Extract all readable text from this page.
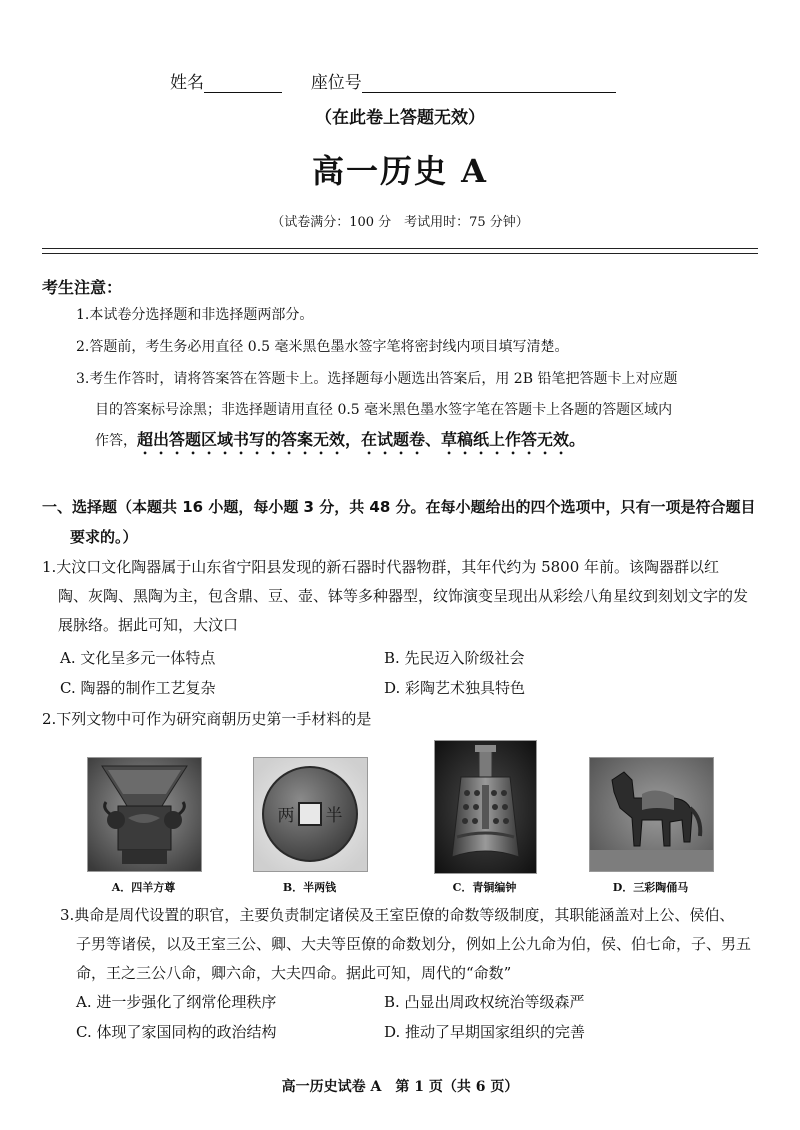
姓名	座位号
（在此卷上答题无效）
高一历史 A
（试卷满分：100 分　考试用时：75 分钟）
考生注意：
1.本试卷分选择题和非选择题两部分。
2.答题前，考生务必用直径 0.5 毫米黑色墨水签字笔将密封线内项目填写清楚。
3.考生作答时，请将答案答在答题卡上。选择题每小题选出答案后，用 2B 铅笔把答题卡上对应题
目的答案标号涂黑；非选择题请用直径 0.5 毫米黑色墨水签字笔在答题卡上各题的答题区域内
作答，超出答题区域书写的答案无效，在试题卷、草稿纸上作答无效。
一、选择题（本题共 16 小题，每小题 3 分，共 48 分。在每小题给出的四个选项中，只有一项是符合题目
要求的。）
1.大汶口文化陶器属于山东省宁阳县发现的新石器时代器物群，其年代约为 5800 年前。该陶器群以红
陶、灰陶、黑陶为主，包含鼎、豆、壶、钵等多种器型，纹饰演变呈现出从彩绘八角星纹到刻划文字的发
展脉络。据此可知，大汶口
A. 文化呈多元一体特点	B. 先民迈入阶级社会
C. 陶器的制作工艺复杂	D. 彩陶艺术独具特色
2.下列文物中可作为研究商朝历史第一手材料的是
A．四羊方尊
半
两
B．半两钱	C．青铜编钟	D．三彩陶俑马
3.典命是周代设置的职官，主要负责制定诸侯及王室臣僚的命数等级制度，其职能涵盖对上公、侯伯、
子男等诸侯，以及王室三公、卿、大夫等臣僚的命数划分，例如上公九命为伯，侯、伯七命，子、男五
命，王之三公八命，卿六命，大夫四命。据此可知，周代的“命数”
A. 进一步强化了纲常伦理秩序	B. 凸显出周政权统治等级森严
C. 体现了家国同构的政治结构	D. 推动了早期国家组织的完善
高一历史试卷 A　第 1 页（共 6 页）
